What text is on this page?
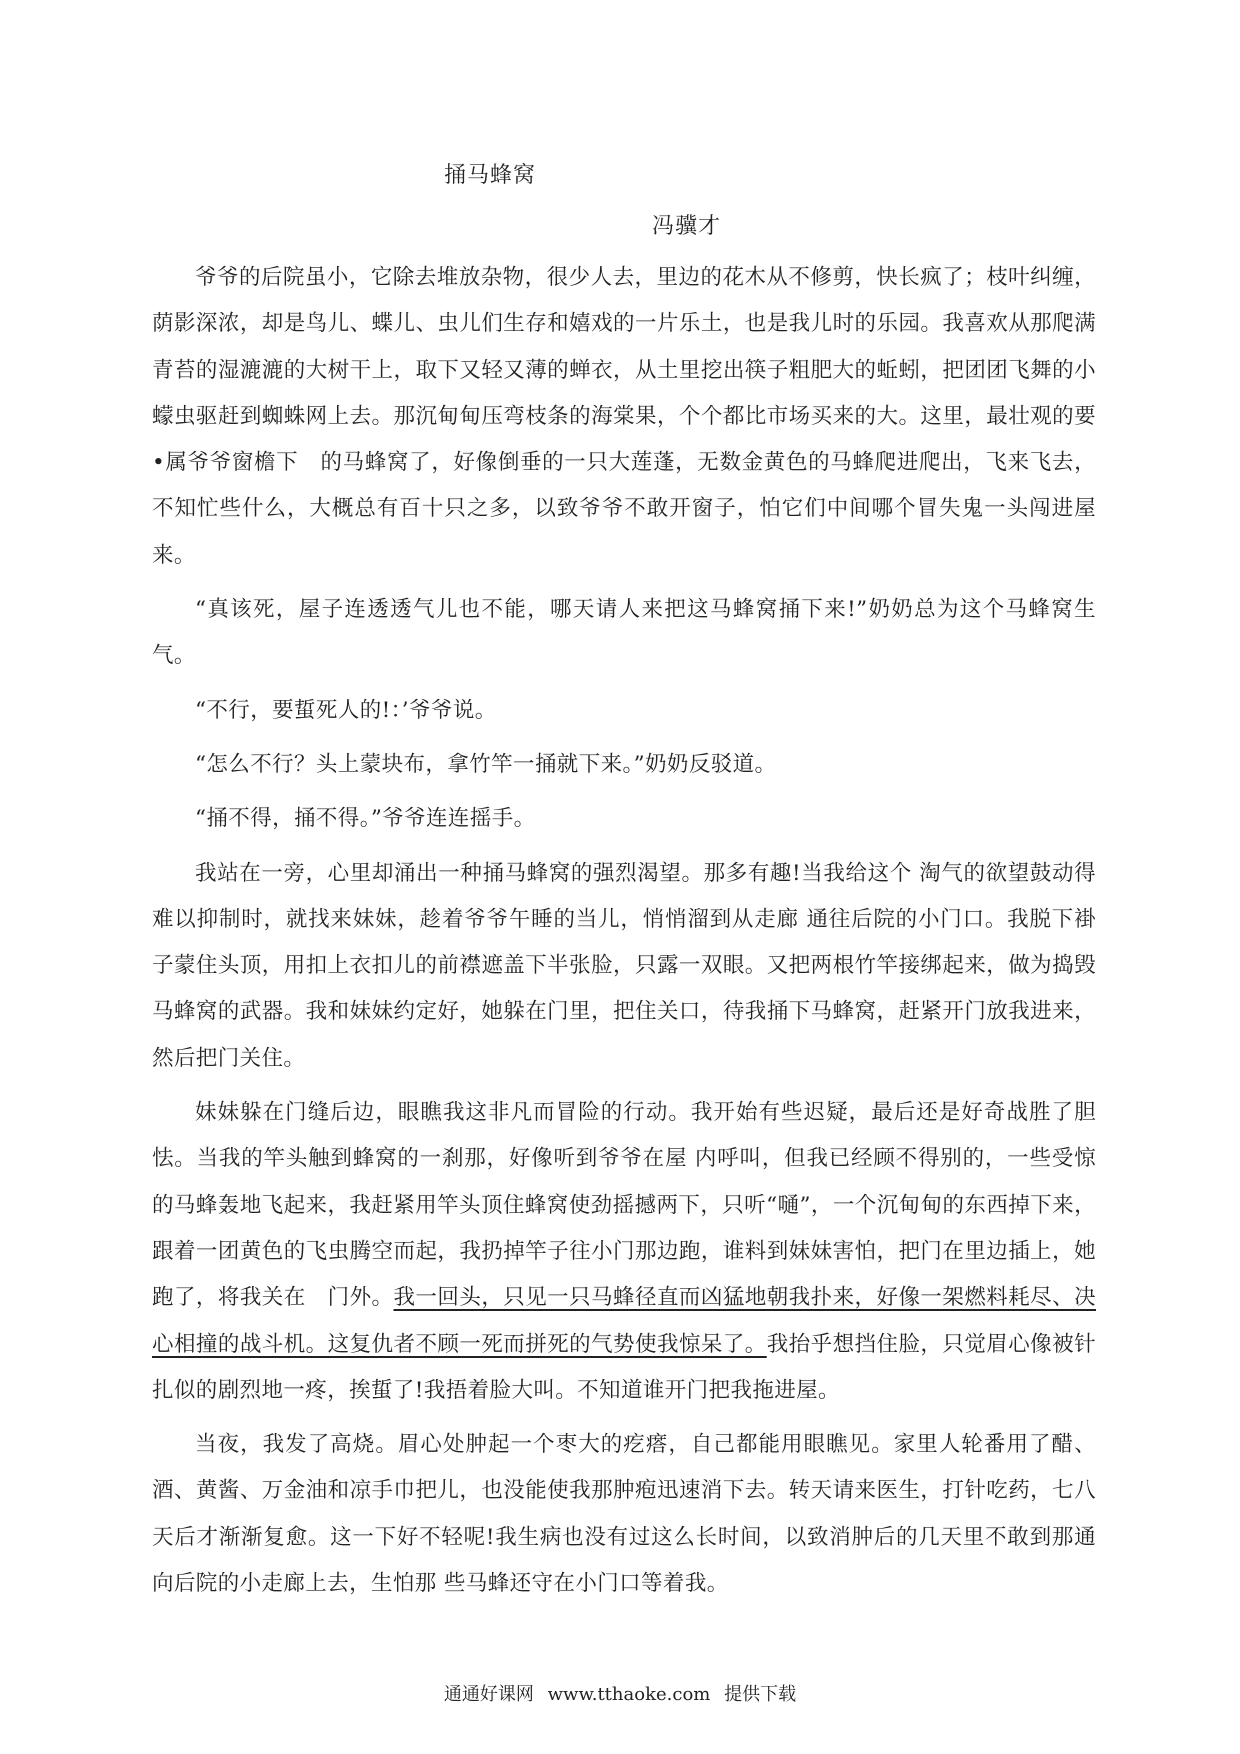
捅马蜂窝
冯骥才

爷爷的后院虽小，它除去堆放杂物，很少人去，里边的花木从不修剪，快长疯了；枝叶纠缠，荫影深浓，却是鸟儿、蝶儿、虫儿们生存和嬉戏的一片乐土，也是我儿时的乐园。我喜欢从那爬满青苔的湿漉漉的大树干上，取下又轻又薄的蝉衣，从土里挖出筷子粗肥大的蚯蚓，把团团飞舞的小蠓虫驱赶到蜘蛛网上去。那沉甸甸压弯枝条的海棠果，个个都比市场买来的大。这里，最壮观的要•属爷爷窗檐下　的马蜂窝了，好像倒垂的一只大莲蓬，无数金黄色的马蜂爬进爬出，飞来飞去，不知忙些什么，大概总有百十只之多，以致爷爷不敢开窗子，怕它们中间哪个冒失鬼一头闯进屋来。

“真该死，屋子连透透气儿也不能，哪天请人来把这马蜂窝捅下来!”奶奶总为这个马蜂窝生气。

“不行，要蜇死人的!：’爷爷说。

“怎么不行？头上蒙块布，拿竹竿一捅就下来。”奶奶反驳道。

“捅不得，捅不得。”爷爷连连摇手。

我站在一旁，心里却涌出一种捅马蜂窝的强烈渴望。那多有趣!当我给这个 淘气的欲望鼓动得难以抑制时，就找来妹妹，趁着爷爷午睡的当儿，悄悄溜到从走廊 通往后院的小门口。我脱下褂子蒙住头顶，用扣上衣扣儿的前襟遮盖下半张脸，只露一双眼。又把两根竹竿接绑起来，做为捣毁马蜂窝的武器。我和妹妹约定好，她躲在门里，把住关口，待我捅下马蜂窝，赶紧开门放我进来，然后把门关住。

妹妹躲在门缝后边，眼瞧我这非凡而冒险的行动。我开始有些迟疑，最后还是好奇战胜了胆怯。当我的竿头触到蜂窝的一刹那，好像听到爷爷在屋 内呼叫，但我已经顾不得别的，一些受惊的马蜂轰地飞起来，我赶紧用竿头顶住蜂窝使劲摇撼两下，只听“嗵”，一个沉甸甸的东西掉下来，跟着一团黄色的飞虫腾空而起，我扔掉竿子往小门那边跑，谁料到妹妹害怕，把门在里边插上，她跑了，将我关在　门外。我一回头，只见一只马蜂径直而凶猛地朝我扑来，好像一架燃料耗尽、决心相撞的战斗机。这复仇者不顾一死而拼死的气势使我惊呆了。我抬乎想挡住脸，只觉眉心像被针扎似的剧烈地一疼，挨蜇了!我捂着脸大叫。不知道谁开门把我拖进屋。

当夜，我发了高烧。眉心处肿起一个枣大的疙瘩，自己都能用眼瞧见。家里人轮番用了醋、酒、黄酱、万金油和凉手巾把儿，也没能使我那肿疱迅速消下去。转天请来医生，打针吃药，七八天后才渐渐复愈。这一下好不轻呢!我生病也没有过这么长时间，以致消肿后的几天里不敢到那通向后院的小走廊上去，生怕那 些马蜂还守在小门口等着我。

通通好课网 www.tthaoke.com 提供下载
